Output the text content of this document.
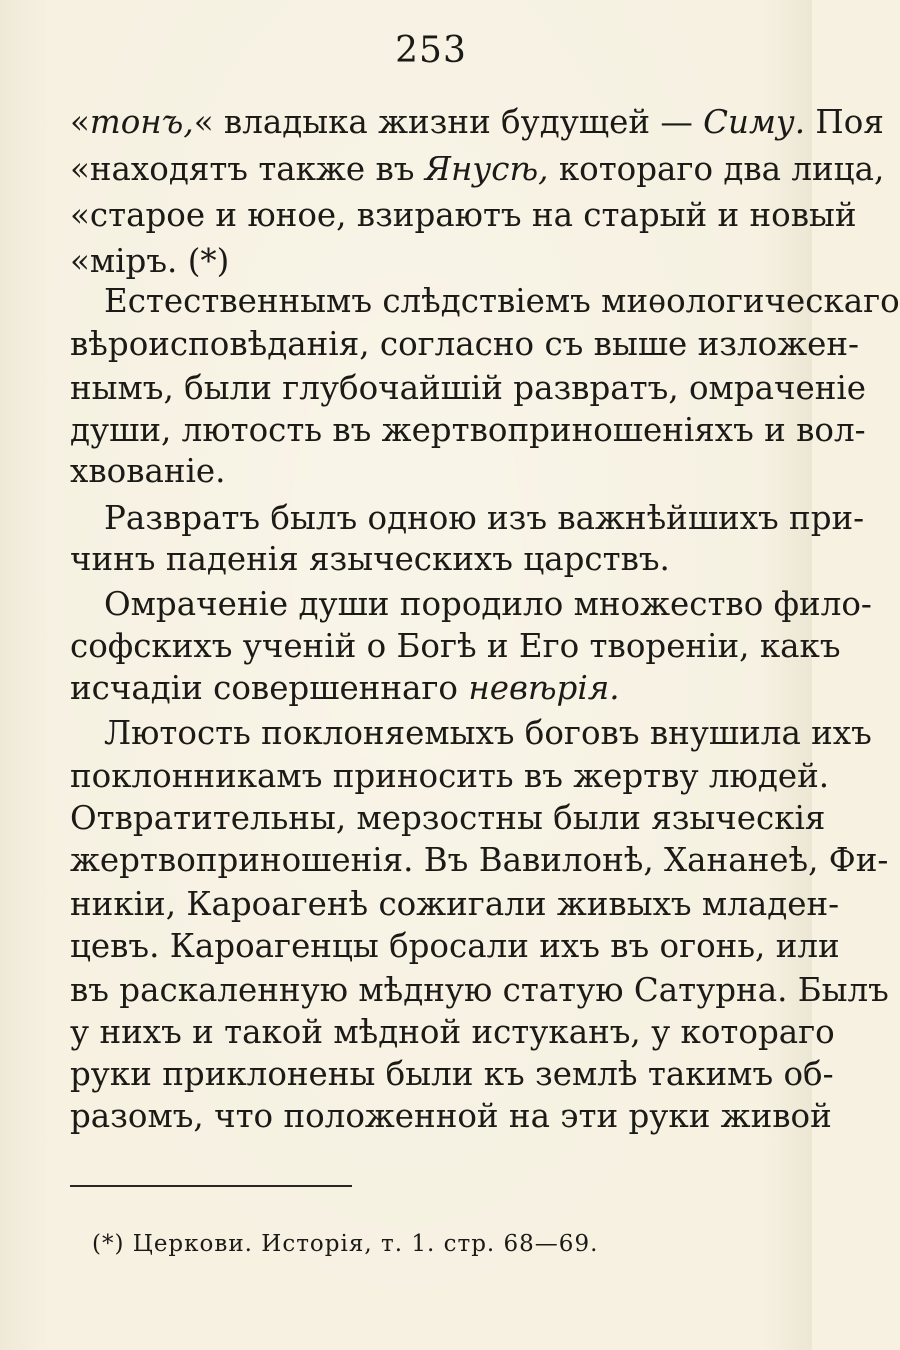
253
«тонъ,« владыка жизни будущей — Симу. Поя
«находятъ также въ Янусѣ, котораго два лица,
«старое и юное, взираютъ на старый и новый
«міръ. (*)
Естественнымъ слѣдствіемъ миѳологическаго
вѣроисповѣданія, согласно съ выше изложен-
нымъ, были глубочайшій развратъ, омраченіе
души, лютость въ жертвоприношеніяхъ и вол-
хвованіе.
Развратъ былъ одною изъ важнѣйшихъ при-
чинъ паденія языческихъ царствъ.
Омраченіе души породило множество фило-
софскихъ ученій о Богѣ и Его твореніи, какъ
исчадіи совершеннаго невѣрія.
Лютость поклоняемыхъ боговъ внушила ихъ
поклонникамъ приносить въ жертву людей.
Отвратительны, мерзостны были языческія
жертвоприношенія. Въ Вавилонѣ, Хананеѣ, Фи-
никіи, Кароагенѣ сожигали живыхъ младен-
цевъ. Кароагенцы бросали ихъ въ огонь, или
въ раскаленную мѣдную статую Сатурна. Былъ
у нихъ и такой мѣдной истуканъ, у котораго
руки приклонены были къ землѣ такимъ об-
разомъ, что положенной на эти руки живой
(*) Церкови. Исторія, т. 1. стр. 68—69.
